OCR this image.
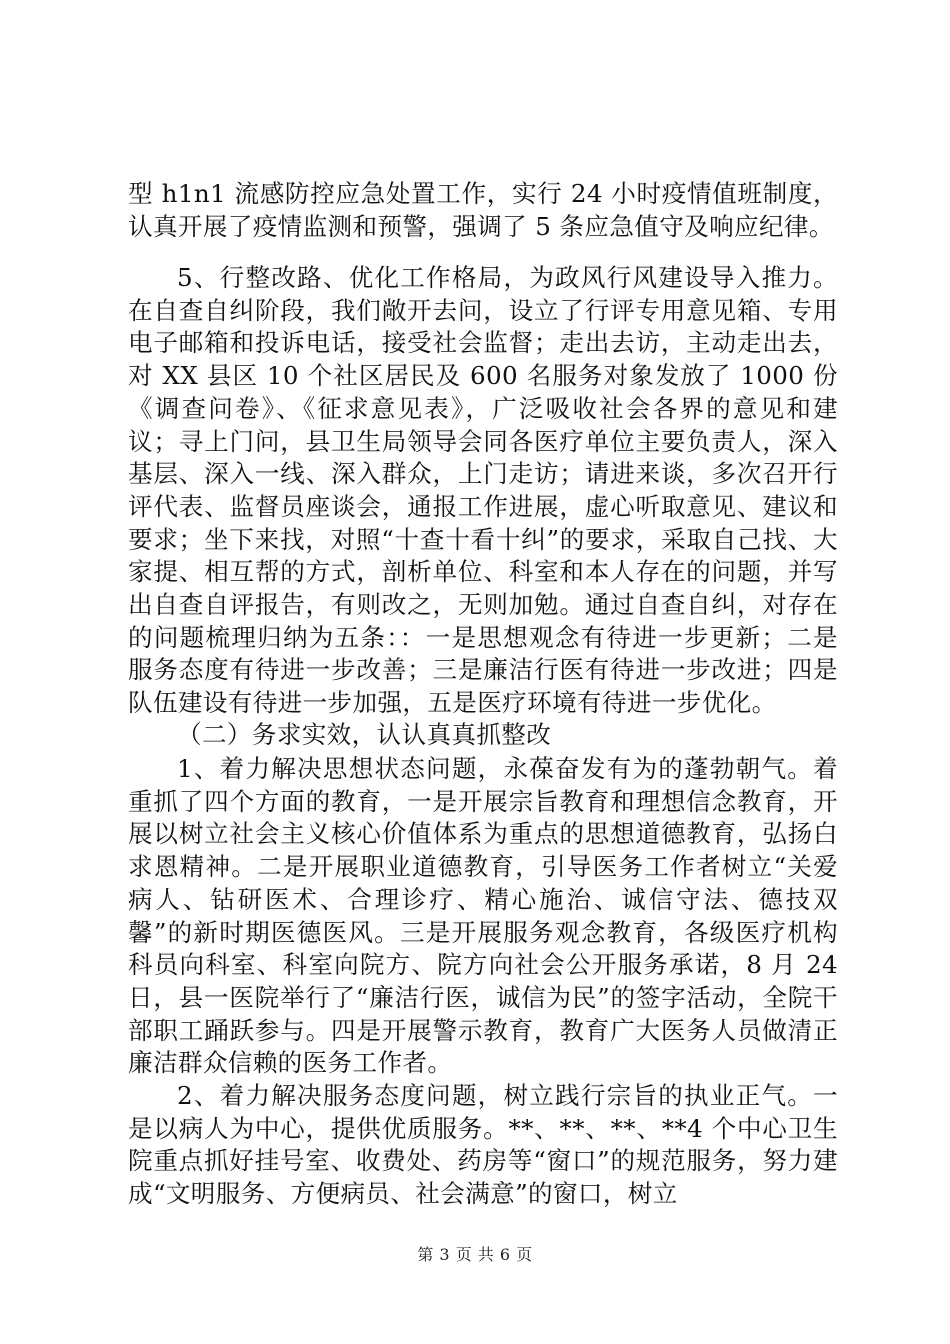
型 h1n1 流感防控应急处置工作，实行 24 小时疫情值班制度，认真开展了疫情监测和预警，强调了 5 条应急值守及响应纪律。

5、行整改路、优化工作格局，为政风行风建设导入推力。在自查自纠阶段，我们敞开去问，设立了行评专用意见箱、专用电子邮箱和投诉电话，接受社会监督；走出去访，主动走出去，对 XX 县区 10 个社区居民及 600 名服务对象发放了 1000 份《调查问卷》、《征求意见表》，广泛吸收社会各界的意见和建议；寻上门问，县卫生局领导会同各医疗单位主要负责人，深入基层、深入一线、深入群众，上门走访；请进来谈，多次召开行评代表、监督员座谈会，通报工作进展，虚心听取意见、建议和要求；坐下来找，对照“十查十看十纠”的要求，采取自己找、大家提、相互帮的方式，剖析单位、科室和本人存在的问题，并写出自查自评报告，有则改之，无则加勉。通过自查自纠，对存在的问题梳理归纳为五条：：一是思想观念有待进一步更新；二是服务态度有待进一步改善；三是廉洁行医有待进一步改进；四是队伍建设有待进一步加强，五是医疗环境有待进一步优化。

（二）务求实效，认认真真抓整改

1、着力解决思想状态问题，永葆奋发有为的蓬勃朝气。着重抓了四个方面的教育，一是开展宗旨教育和理想信念教育，开展以树立社会主义核心价值体系为重点的思想道德教育，弘扬白求恩精神。二是开展职业道德教育，引导医务工作者树立“关爱病人、钻研医术、合理诊疗、精心施治、诚信守法、德技双馨”的新时期医德医风。三是开展服务观念教育，各级医疗机构科员向科室、科室向院方、院方向社会公开服务承诺，8 月 24 日，县一医院举行了“廉洁行医，诚信为民”的签字活动，全院干部职工踊跃参与。四是开展警示教育，教育广大医务人员做清正廉洁群众信赖的医务工作者。

2、着力解决服务态度问题，树立践行宗旨的执业正气。一是以病人为中心，提供优质服务。**、**、**、**4 个中心卫生院重点抓好挂号室、收费处、药房等“窗口”的规范服务，努力建成“文明服务、方便病员、社会满意”的窗口，树立

第 3 页 共 6 页
